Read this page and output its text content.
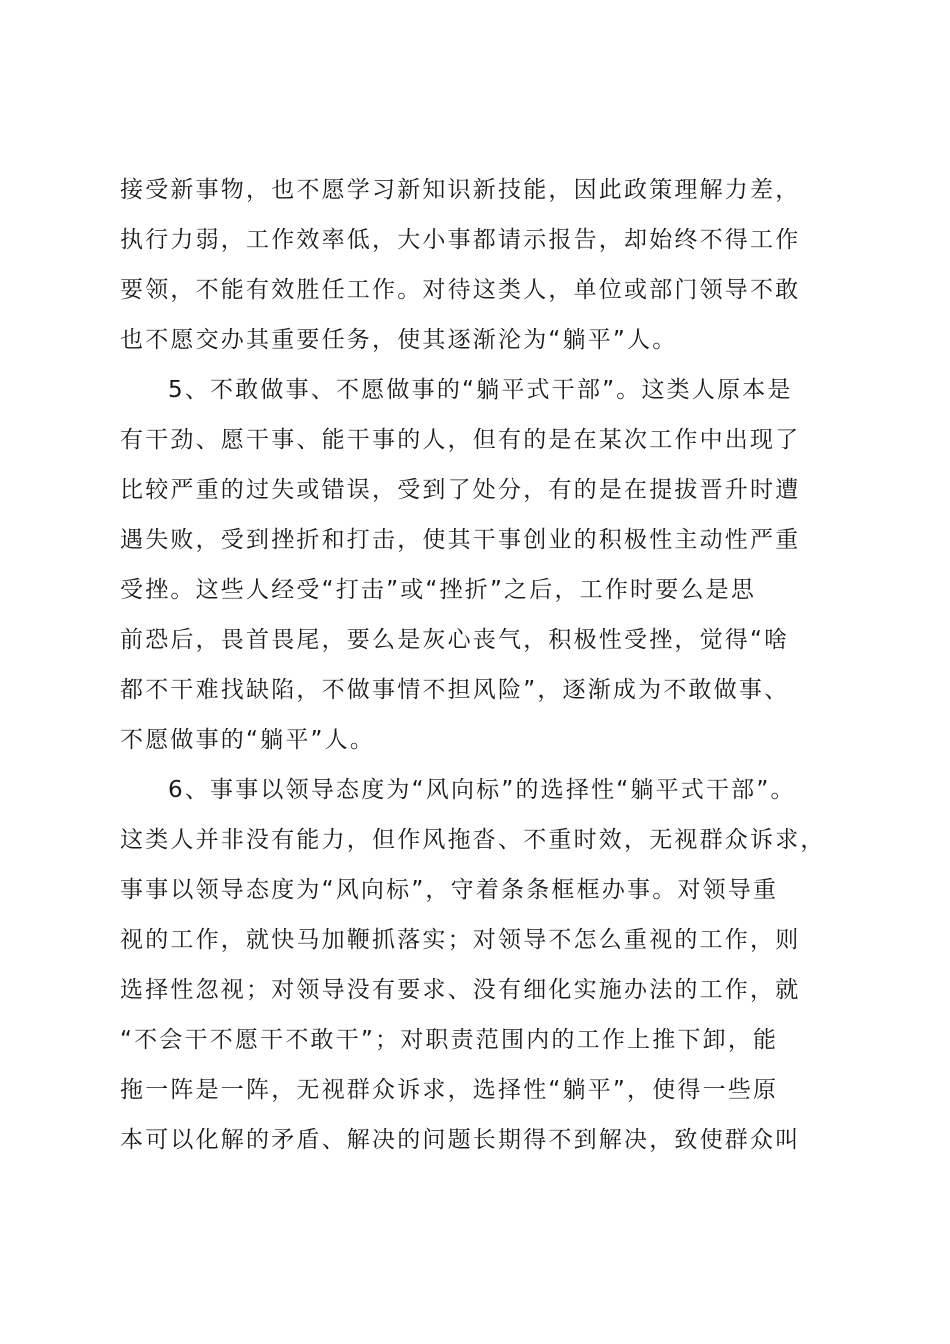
接受新事物，也不愿学习新知识新技能，因此政策理解力差，
执行力弱，工作效率低，大小事都请示报告，却始终不得工作
要领，不能有效胜任工作。对待这类人，单位或部门领导不敢
也不愿交办其重要任务，使其逐渐沦为“躺平”人。
5、不敢做事、不愿做事的“躺平式干部”。这类人原本是
有干劲、愿干事、能干事的人，但有的是在某次工作中出现了
比较严重的过失或错误，受到了处分，有的是在提拔晋升时遭
遇失败，受到挫折和打击，使其干事创业的积极性主动性严重
受挫。这些人经受“打击”或“挫折”之后，工作时要么是思
前恐后，畏首畏尾，要么是灰心丧气，积极性受挫，觉得“啥
都不干难找缺陷，不做事情不担风险”，逐渐成为不敢做事、
不愿做事的“躺平”人。
6、事事以领导态度为“风向标”的选择性“躺平式干部”。
这类人并非没有能力，但作风拖沓、不重时效，无视群众诉求，
事事以领导态度为“风向标”，守着条条框框办事。对领导重
视的工作，就快马加鞭抓落实；对领导不怎么重视的工作，则
选择性忽视；对领导没有要求、没有细化实施办法的工作，就
“不会干不愿干不敢干”；对职责范围内的工作上推下卸，能
拖一阵是一阵，无视群众诉求，选择性“躺平”，使得一些原
本可以化解的矛盾、解决的问题长期得不到解决，致使群众叫
